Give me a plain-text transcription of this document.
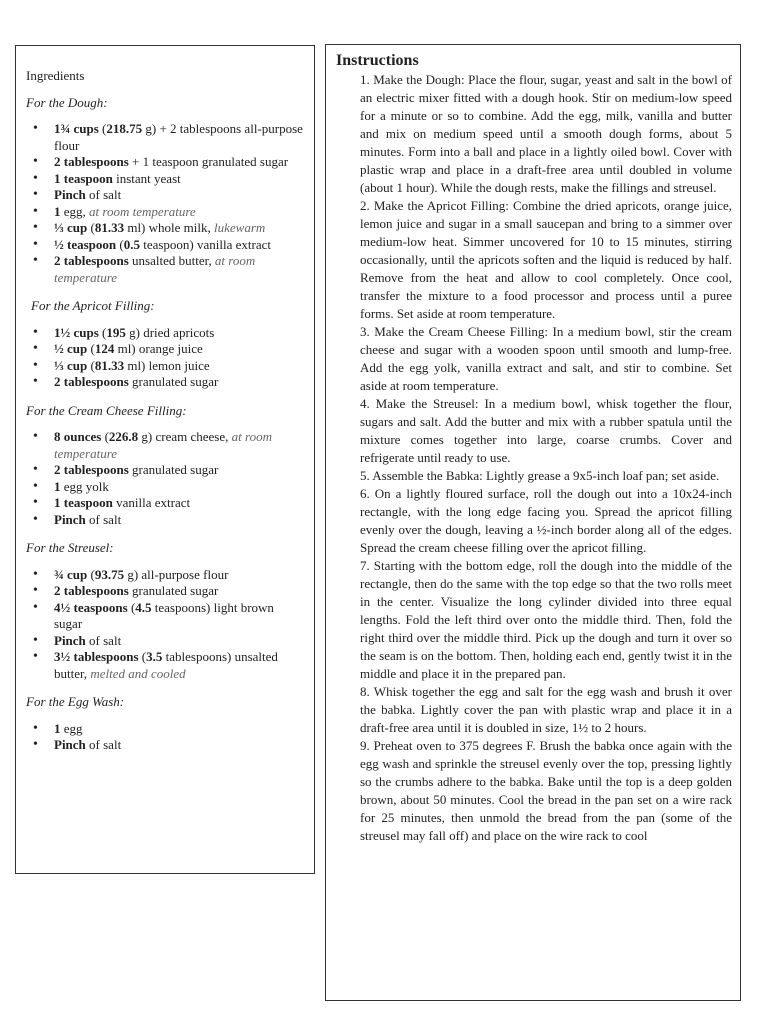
Ingredients
For the Dough:
• 1¾ cups (218.75 g) + 2 tablespoons all-purpose flour
• 2 tablespoons + 1 teaspoon granulated sugar
• 1 teaspoon instant yeast
• Pinch of salt
• 1 egg, at room temperature
• ⅓ cup (81.33 ml) whole milk, lukewarm
• ½ teaspoon (0.5 teaspoon) vanilla extract
• 2 tablespoons unsalted butter, at room temperature
For the Apricot Filling:
• 1½ cups (195 g) dried apricots
• ½ cup (124 ml) orange juice
• ⅓ cup (81.33 ml) lemon juice
• 2 tablespoons granulated sugar
For the Cream Cheese Filling:
• 8 ounces (226.8 g) cream cheese, at room temperature
• 2 tablespoons granulated sugar
• 1 egg yolk
• 1 teaspoon vanilla extract
• Pinch of salt
For the Streusel:
• ¾ cup (93.75 g) all-purpose flour
• 2 tablespoons granulated sugar
• 4½ teaspoons (4.5 teaspoons) light brown sugar
• Pinch of salt
• 3½ tablespoons (3.5 tablespoons) unsalted butter, melted and cooled
For the Egg Wash:
• 1 egg
• Pinch of salt
Instructions

1. Make the Dough: Place the flour, sugar, yeast and salt in the bowl of an electric mixer fitted with a dough hook. Stir on medium-low speed for a minute or so to combine. Add the egg, milk, vanilla and butter and mix on medium speed until a smooth dough forms, about 5 minutes. Form into a ball and place in a lightly oiled bowl. Cover with plastic wrap and place in a draft-free area until doubled in volume (about 1 hour). While the dough rests, make the fillings and streusel.

2. Make the Apricot Filling: Combine the dried apricots, orange juice, lemon juice and sugar in a small saucepan and bring to a simmer over medium-low heat. Simmer uncovered for 10 to 15 minutes, stirring occasionally, until the apricots soften and the liquid is reduced by half. Remove from the heat and allow to cool completely. Once cool, transfer the mixture to a food processor and process until a puree forms. Set aside at room temperature.

3. Make the Cream Cheese Filling: In a medium bowl, stir the cream cheese and sugar with a wooden spoon until smooth and lump-free. Add the egg yolk, vanilla extract and salt, and stir to combine. Set aside at room temperature.

4. Make the Streusel: In a medium bowl, whisk together the flour, sugars and salt. Add the butter and mix with a rubber spatula until the mixture comes together into large, coarse crumbs. Cover and refrigerate until ready to use.

5. Assemble the Babka: Lightly grease a 9x5-inch loaf pan; set aside.

6. On a lightly floured surface, roll the dough out into a 10x24-inch rectangle, with the long edge facing you. Spread the apricot filling evenly over the dough, leaving a ½-inch border along all of the edges. Spread the cream cheese filling over the apricot filling.

7. Starting with the bottom edge, roll the dough into the middle of the rectangle, then do the same with the top edge so that the two rolls meet in the center. Visualize the long cylinder divided into three equal lengths. Fold the left third over onto the middle third. Then, fold the right third over the middle third. Pick up the dough and turn it over so the seam is on the bottom. Then, holding each end, gently twist it in the middle and place it in the prepared pan.

8. Whisk together the egg and salt for the egg wash and brush it over the babka. Lightly cover the pan with plastic wrap and place it in a draft-free area until it is doubled in size, 1½ to 2 hours.

9. Preheat oven to 375 degrees F. Brush the babka once again with the egg wash and sprinkle the streusel evenly over the top, pressing lightly so the crumbs adhere to the babka. Bake until the top is a deep golden brown, about 50 minutes. Cool the bread in the pan set on a wire rack for 25 minutes, then unmold the bread from the pan (some of the streusel may fall off) and place on the wire rack to cool
